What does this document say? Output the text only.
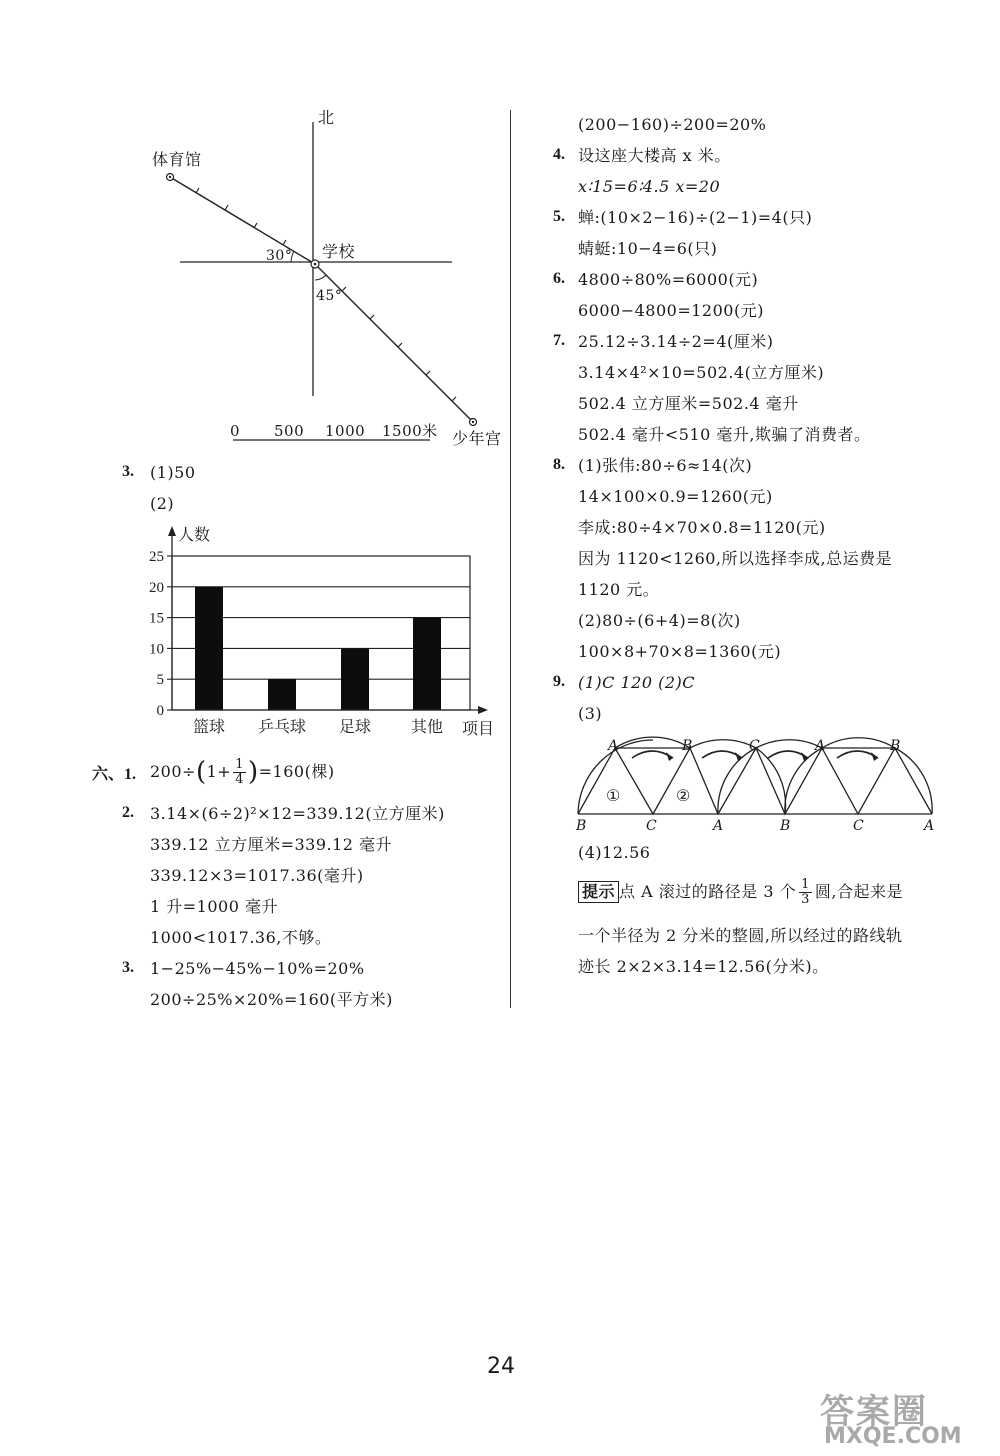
北
体育馆
学校
30°
45°
少年宫
0 500 1000 1500米
3. (1)50
(2)
0
5
10
15
20
25
篮球 乒乓球 足球 其他
人数
项目
六、1. 200÷ ( $1+ \frac{1}{4}$ ) =160(棵)
2. 3.14×(6÷2)²×12=339.12(立方厘米)
339.12 立方厘米=339.12 毫升
339.12×3=1017.36(毫升)
1 升=1000 毫升
1000<1017.36,不够。
3. 1−25%−45%−10%=20%
200÷25%×20%=160(平方米)
(200−160)÷200=20%
4. 设这座大楼高 x 米。
x∶15=6∶4.5 x=20
5. 蝉:(10×2−16)÷(2−1)=4(只)
蜻蜓:10−4=6(只)
6. 4800÷80%=6000(元)
6000−4800=1200(元)
7. 25.12÷3.14÷2=4(厘米)
3.14×4²×10=502.4(立方厘米)
502.4 立方厘米=502.4 毫升
502.4 毫升<510 毫升,欺骗了消费者。
8. (1)张伟:80÷6≈14(次)
14×100×0.9=1260(元)
李成:80÷4×70×0.8=1120(元)
因为 1120<1260,所以选择李成,总运费是
1120 元。
(2)80÷(6+4)=8(次)
100×8+70×8=1360(元)
9. (1)C 120 (2)C
(3)
A	B	C	A	B
B	C	A	B	C	A
①	②
(4)12.56
提示 点 A 滚过的路径是 3 个 $\frac{1}{3}$ 圆,合起来是
一个半径为 2 分米的整圆,所以经过的路线轨
迹长 2×2×3.14=12.56(分米)。
24
答案圈
MXQE.COM
